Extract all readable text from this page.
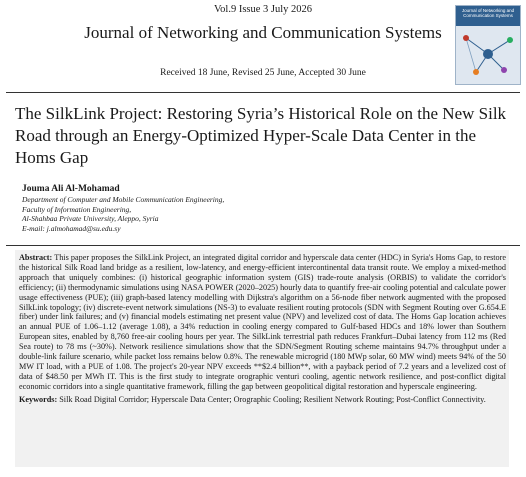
Vol.9 Issue 3 July 2026
Journal of Networking and Communication Systems
Received 18 June, Revised 25 June, Accepted 30 June
Journal of Networking and Communication Systems
The SilkLink Project: Restoring Syria’s Historical Role on the New Silk Road through an Energy-Optimized Hyper-Scale Data Center in the Homs Gap
Jouma Ali Al-Mohamad
Department of Computer and Mobile Communication Engineering,
Faculty of Information Engineering,
Al-Shahbaa Private University, Aleppo, Syria
E-mail: j.almohamad@su.edu.sy
Abstract: This paper proposes the SilkLink Project, an integrated digital corridor and hyperscale data center (HDC) in Syria's Homs Gap, to restore the historical Silk Road land bridge as a resilient, low-latency, and energy-efficient intercontinental data transit route. We employ a mixed-method approach that uniquely combines: (i) historical geographic information system (GIS) trade-route analysis (ORBIS) to validate the corridor's efficiency; (ii) thermodynamic simulations using NASA POWER (2020–2025) hourly data to quantify free-air cooling potential and calculate power usage effectiveness (PUE); (iii) graph-based latency modelling with Dijkstra's algorithm on a 56-node fiber network augmented with the proposed SilkLink topology; (iv) discrete-event network simulations (NS-3) to evaluate resilient routing protocols (SDN with Segment Routing over G.654.E fiber) under link failures; and (v) financial models estimating net present value (NPV) and levelized cost of data. The Homs Gap location achieves an annual PUE of 1.06–1.12 (average 1.08), a 34% reduction in cooling energy compared to Gulf-based HDCs and 18% lower than Southern European sites, enabled by 8,760 free-air cooling hours per year. The SilkLink terrestrial path reduces Frankfurt–Dubai latency from 112 ms (Red Sea route) to 78 ms (~30%). Network resilience simulations show that the SDN/Segment Routing scheme maintains 94.7% throughput under a double-link failure scenario, while packet loss remains below 0.8%. The renewable microgrid (180 MWp solar, 60 MW wind) meets 94% of the 50 MW IT load, with a PUE of 1.08. The project's 20-year NPV exceeds **$2.4 billion**, with a payback period of 7.2 years and a levelized cost of data of $48.50 per MWh IT. This is the first study to integrate orographic venturi cooling, agentic network resilience, and post-conflict digital economic corridors into a single quantitative framework, filling the gap between geopolitical digital restoration and hyperscale engineering.
Keywords: Silk Road Digital Corridor; Hyperscale Data Center; Orographic Cooling; Resilient Network Routing; Post-Conflict Connectivity.
